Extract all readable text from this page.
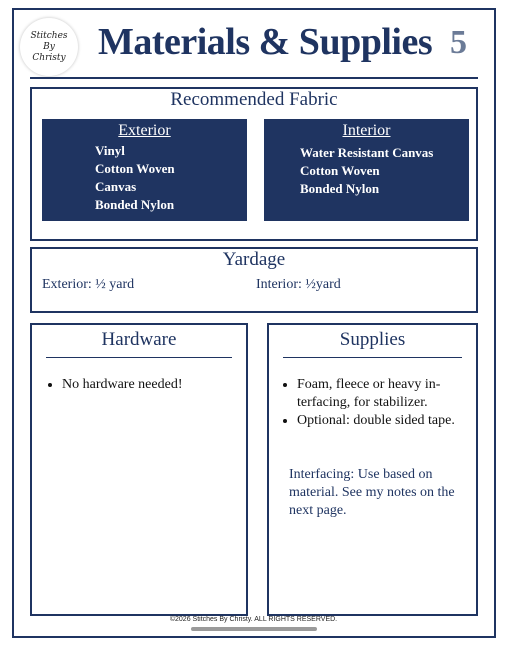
Stitches
By
Christy Materials & Supplies 5
Recommended Fabric
Exterior
Vinyl
Cotton Woven
Canvas
Bonded Nylon
Interior
Water Resistant Canvas
Cotton Woven
Bonded Nylon
Yardage
Exterior: ½ yard	Interior: ½yard
Hardware
• No hardware needed!
Supplies
• Foam, fleece or heavy in-terfacing, for stabilizer.
• Optional: double sided tape.

Interfacing: Use based on material. See my notes on the next page.

©2026 Stitches By Christy. ALL RIGHTS RESERVED.
